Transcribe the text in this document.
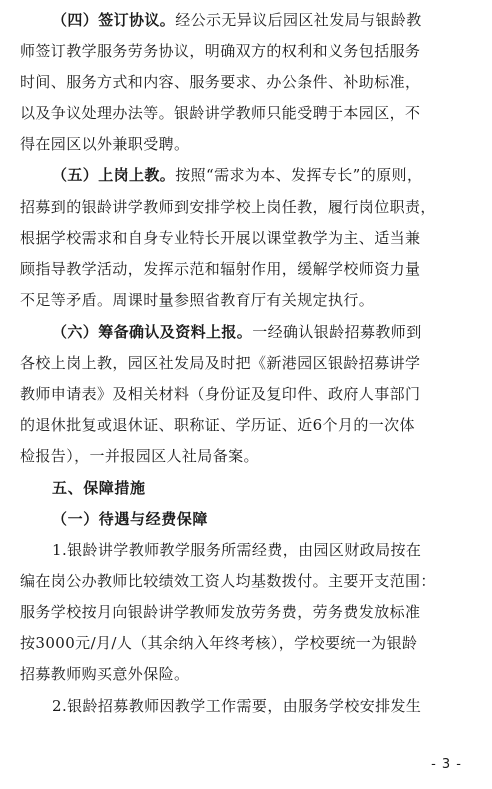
（四）签订协议。经公示无异议后园区社发局与银龄教
师签订教学服务劳务协议，明确双方的权利和义务包括服务
时间、服务方式和内容、服务要求、办公条件、补助标准，
以及争议处理办法等。银龄讲学教师只能受聘于本园区，不
得在园区以外兼职受聘。
（五）上岗上教。按照“需求为本、发挥专长”的原则，
招募到的银龄讲学教师到安排学校上岗任教，履行岗位职责，
根据学校需求和自身专业特长开展以课堂教学为主、适当兼
顾指导教学活动，发挥示范和辐射作用，缓解学校师资力量
不足等矛盾。周课时量参照省教育厅有关规定执行。
（六）筹备确认及资料上报。一经确认银龄招募教师到
各校上岗上教，园区社发局及时把《新港园区银龄招募讲学
教师申请表》及相关材料（身份证及复印件、政府人事部门
的退休批复或退休证、职称证、学历证、近6个月的一次体
检报告），一并报园区人社局备案。
五、保障措施
（一）待遇与经费保障
1.银龄讲学教师教学服务所需经费，由园区财政局按在
编在岗公办教师比较绩效工资人均基数拨付。主要开支范围：
服务学校按月向银龄讲学教师发放劳务费，劳务费发放标准
按3000元/月/人（其余纳入年终考核），学校要统一为银龄
招募教师购买意外保险。
2.银龄招募教师因教学工作需要，由服务学校安排发生
- 3 -
